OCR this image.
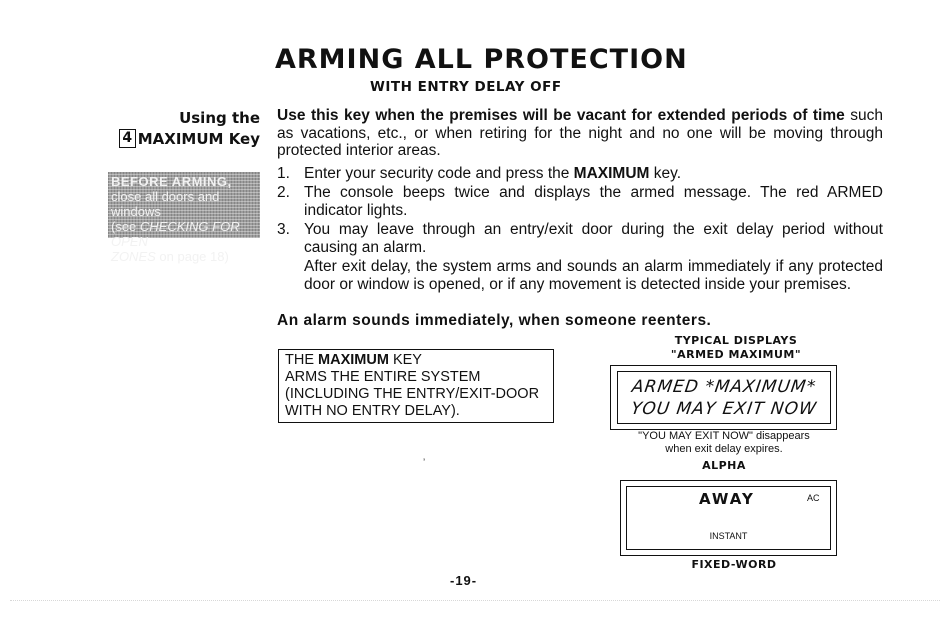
ARMING ALL PROTECTION
WITH ENTRY DELAY OFF
Using the
4 MAXIMUM Key
BEFORE ARMING,
close all doors and windows
(see CHECKING FOR OPEN
ZONES on page 18)
Use this key when the premises will be vacant for extended periods of time such as vacations, etc., or when retiring for the night and no one will be moving through protected interior areas.
1. Enter your security code and press the MAXIMUM key.
2. The console beeps twice and displays the armed message. The red ARMED indicator lights.
3. You may leave through an entry/exit door during the exit delay period without causing an alarm.
After exit delay, the system arms and sounds an alarm immediately if any protected door or window is opened, or if any movement is detected inside your premises.
An alarm sounds immediately, when someone reenters.
THE MAXIMUM KEY
ARMS THE ENTIRE SYSTEM
(INCLUDING THE ENTRY/EXIT-DOOR
WITH NO ENTRY DELAY).
TYPICAL DISPLAYS
"ARMED MAXIMUM"
ARMED *MAXIMUM*
YOU MAY EXIT NOW
"YOU MAY EXIT NOW" disappears
when exit delay expires.
ALPHA
AWAY	AC
INSTANT
FIXED-WORD
ʼ
-19-
